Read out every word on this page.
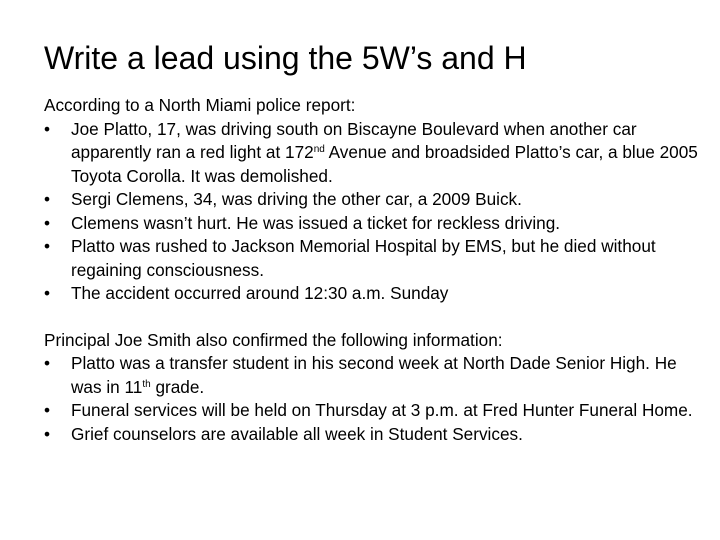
Write a lead using the 5W’s and H

According to a North Miami police report:

•	Joe Platto, 17, was driving south on Biscayne Boulevard when another car apparently ran a red light at 172nd Avenue and broadsided Platto’s car, a blue 2005 Toyota Corolla. It was demolished.
•	Sergi Clemens, 34, was driving the other car, a 2009 Buick.
•	Clemens wasn’t hurt. He was issued a ticket for reckless driving.
•	Platto was rushed to Jackson Memorial Hospital by EMS, but he died without regaining consciousness.
•	The accident occurred around 12:30 a.m. Sunday

Principal Joe Smith also confirmed the following information:

•	Platto was a transfer student in his second week at North Dade Senior High. He was in 11th grade.
•	Funeral services will be held on Thursday at 3 p.m. at Fred Hunter Funeral Home.
•	Grief counselors are available all week in Student Services.
